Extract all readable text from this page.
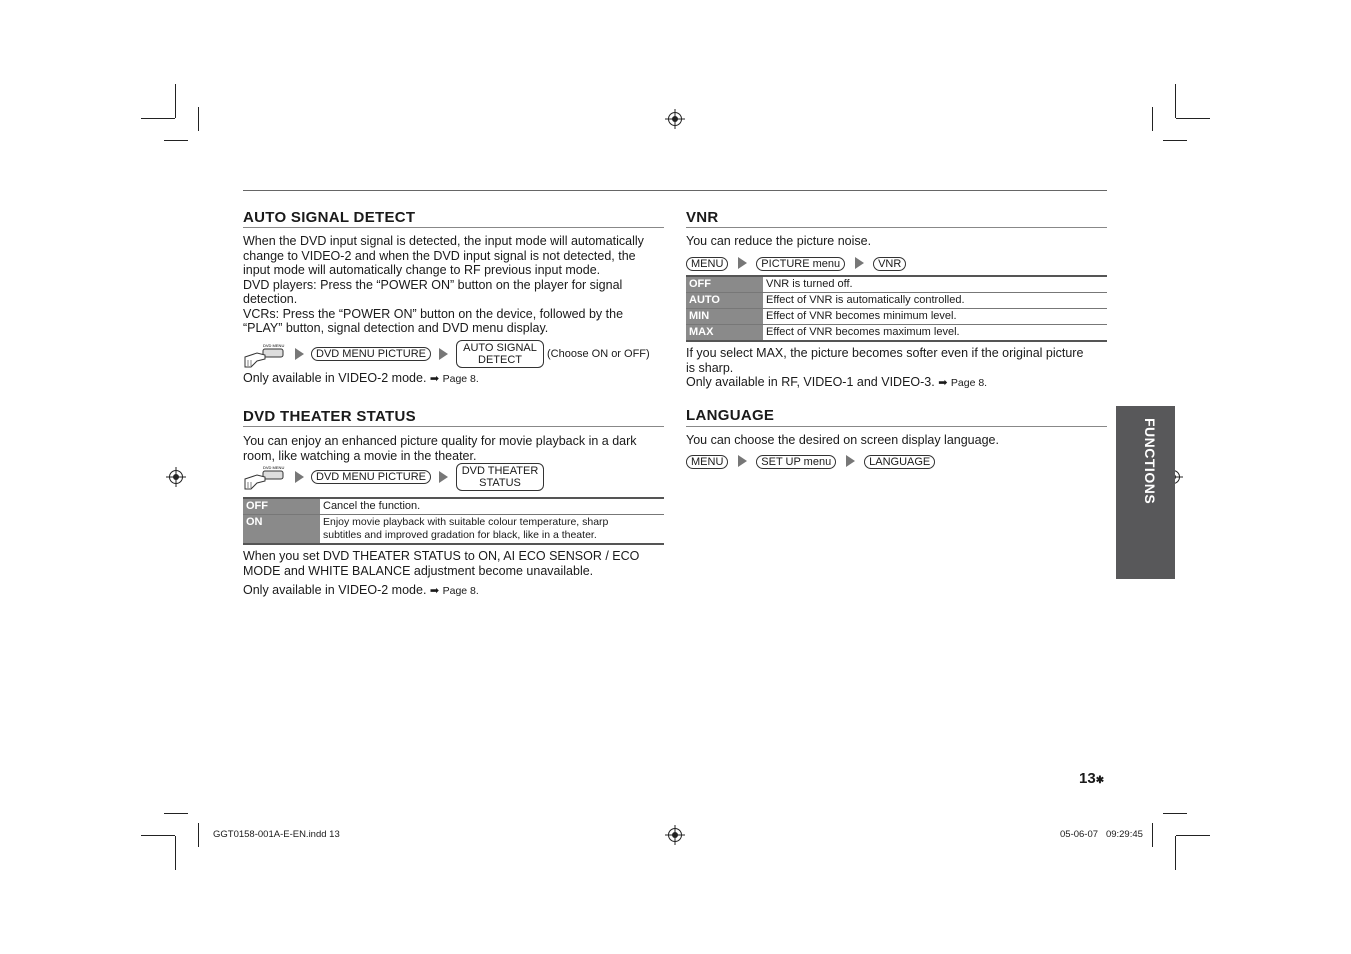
AUTO SIGNAL DETECT
When the DVD input signal is detected, the input mode will automatically
change to VIDEO-2 and when the DVD input signal is not detected, the
input mode will automatically change to RF previous input mode.
DVD players: Press the “POWER ON” button on the player for signal
detection.
VCRs: Press the “POWER ON” button on the device, followed by the
“PLAY” button, signal detection and DVD menu display.
DVD MENU
DVD MENU PICTURE	AUTO SIGNAL
DETECT	(Choose ON or OFF)
Only available in VIDEO-2 mode. ➡ Page 8.
DVD THEATER STATUS
You can enjoy an enhanced picture quality for movie playback in a dark
room, like watching a movie in the theater.
DVD MENU
DVD MENU PICTURE	DVD THEATER
STATUS
OFF	Cancel the function.
ON	Enjoy movie playback with suitable colour temperature, sharp
subtitles and improved gradation for black, like in a theater.
When you set DVD THEATER STATUS to ON, AI ECO SENSOR / ECO
MODE and WHITE BALANCE adjustment become unavailable.
Only available in VIDEO-2 mode. ➡ Page 8.
VNR
You can reduce the picture noise.
MENU	PICTURE menu	VNR
OFF	VNR is turned off.
AUTO	Effect of VNR is automatically controlled.
MIN	Effect of VNR becomes minimum level.
MAX	Effect of VNR becomes maximum level.
If you select MAX, the picture becomes softer even if the original picture
is sharp.
Only available in RF, VIDEO-1 and VIDEO-3. ➡ Page 8.
LANGUAGE
You can choose the desired on screen display language.
MENU	SET UP menu	LANGUAGE	FUNCTIONS
13✱
GGT0158-001A-E-EN.indd 13	05-06-07   09:29:45
